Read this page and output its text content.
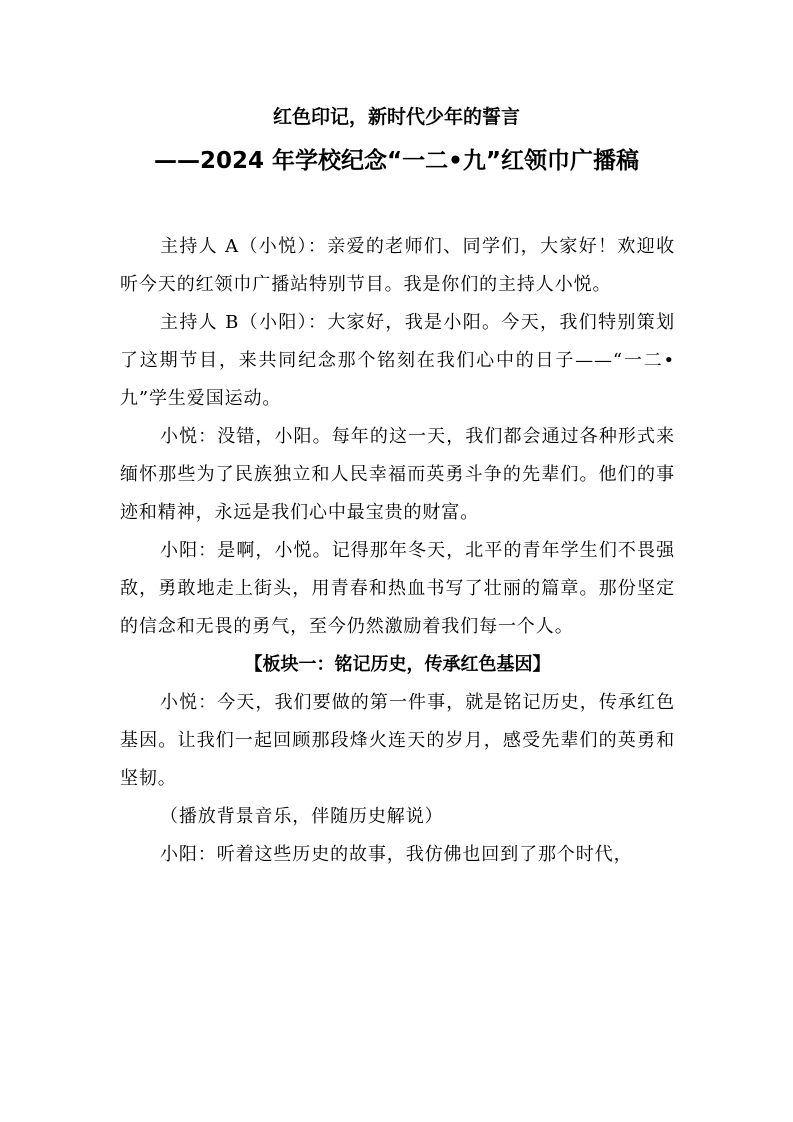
红色印记，新时代少年的誓言
——2024 年学校纪念“一二•九”红领巾广播稿

主持人 A（小悦）：亲爱的老师们、同学们，大家好！欢迎收听今天的红领巾广播站特别节目。我是你们的主持人小悦。

主持人 B（小阳）：大家好，我是小阳。今天，我们特别策划了这期节目，来共同纪念那个铭刻在我们心中的日子——“一二•九”学生爱国运动。

小悦：没错，小阳。每年的这一天，我们都会通过各种形式来缅怀那些为了民族独立和人民幸福而英勇斗争的先辈们。他们的事迹和精神，永远是我们心中最宝贵的财富。

小阳：是啊，小悦。记得那年冬天，北平的青年学生们不畏强敌，勇敢地走上街头，用青春和热血书写了壮丽的篇章。那份坚定的信念和无畏的勇气，至今仍然激励着我们每一个人。

【板块一：铭记历史，传承红色基因】

小悦：今天，我们要做的第一件事，就是铭记历史，传承红色基因。让我们一起回顾那段烽火连天的岁月，感受先辈们的英勇和坚韧。

（播放背景音乐，伴随历史解说）

小阳：听着这些历史的故事，我仿佛也回到了那个时代，
